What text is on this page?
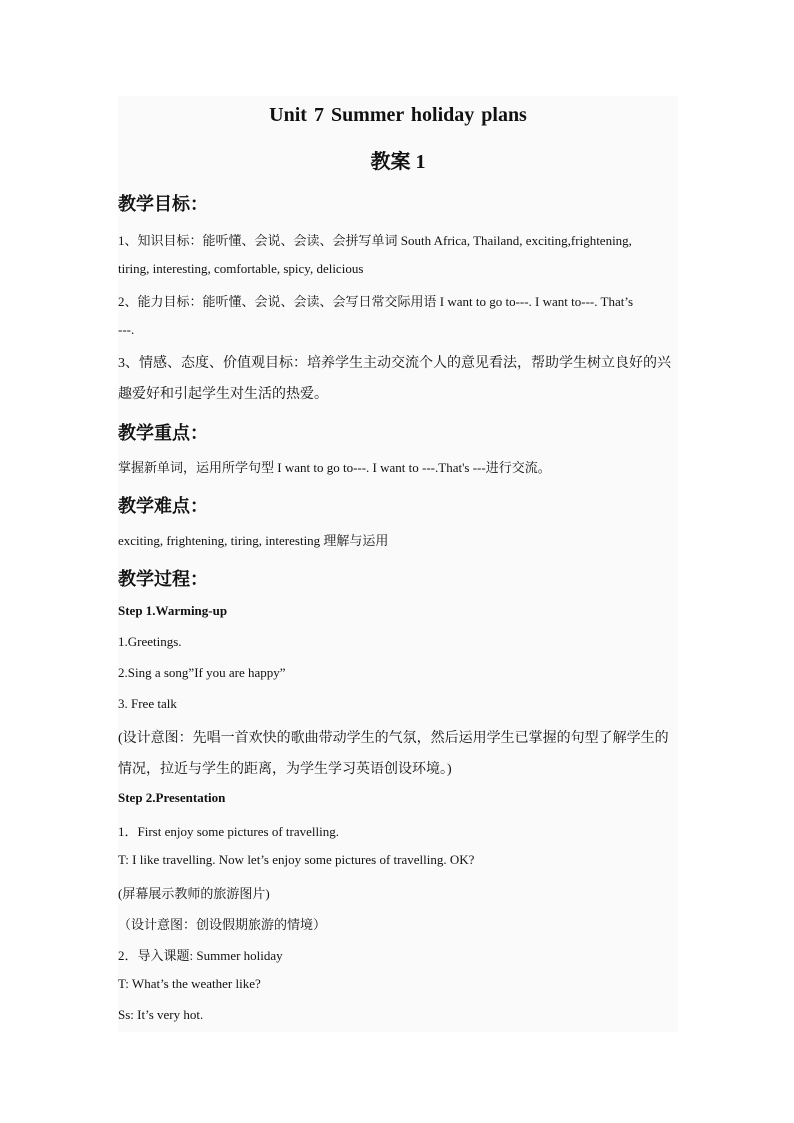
Unit 7 Summer holiday plans
教案 1
教学目标：
1、知识目标：能听懂、会说、会读、会拼写单词 South Africa, Thailand, exciting,frightening,
tiring, interesting, comfortable, spicy, delicious
2、能力目标：能听懂、会说、会读、会写日常交际用语 I want to go to---. I want to---. That’s
---.
3、情感、态度、价值观目标：培养学生主动交流个人的意见看法，帮助学生树立良好的兴
趣爱好和引起学生对生活的热爱。
教学重点：
掌握新单词，运用所学句型 I want to go to---. I want to ---.That's ---进行交流。
教学难点：
exciting, frightening, tiring, interesting 理解与运用
教学过程：
Step 1.Warming-up
1.Greetings.
2.Sing a song”If you are happy”
3. Free talk
(设计意图：先唱一首欢快的歌曲带动学生的气氛，然后运用学生已掌握的句型了解学生的
情况，拉近与学生的距离，为学生学习英语创设环境。)
Step 2.Presentation
1．First enjoy some pictures of travelling.
T: I like travelling. Now let’s enjoy some pictures of travelling. OK?
(屏幕展示教师的旅游图片)
（设计意图：创设假期旅游的情境）
2．导入课题: Summer holiday
T: What’s the weather like?
Ss: It’s very hot.
